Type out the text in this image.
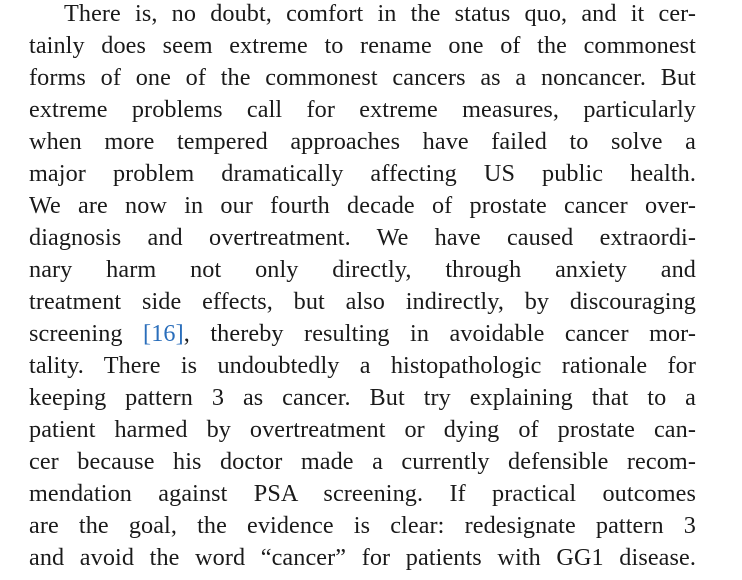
There is, no doubt, comfort in the status quo, and it cer-
tainly does seem extreme to rename one of the commonest
forms of one of the commonest cancers as a noncancer. But
extreme problems call for extreme measures, particularly
when more tempered approaches have failed to solve a
major problem dramatically affecting US public health.
We are now in our fourth decade of prostate cancer over-
diagnosis and overtreatment. We have caused extraordi-
nary harm not only directly, through anxiety and
treatment side effects, but also indirectly, by discouraging
screening [16], thereby resulting in avoidable cancer mor-
tality. There is undoubtedly a histopathologic rationale for
keeping pattern 3 as cancer. But try explaining that to a
patient harmed by overtreatment or dying of prostate can-
cer because his doctor made a currently defensible recom-
mendation against PSA screening. If practical outcomes
are the goal, the evidence is clear: redesignate pattern 3
and avoid the word “cancer” for patients with GG1 disease.
